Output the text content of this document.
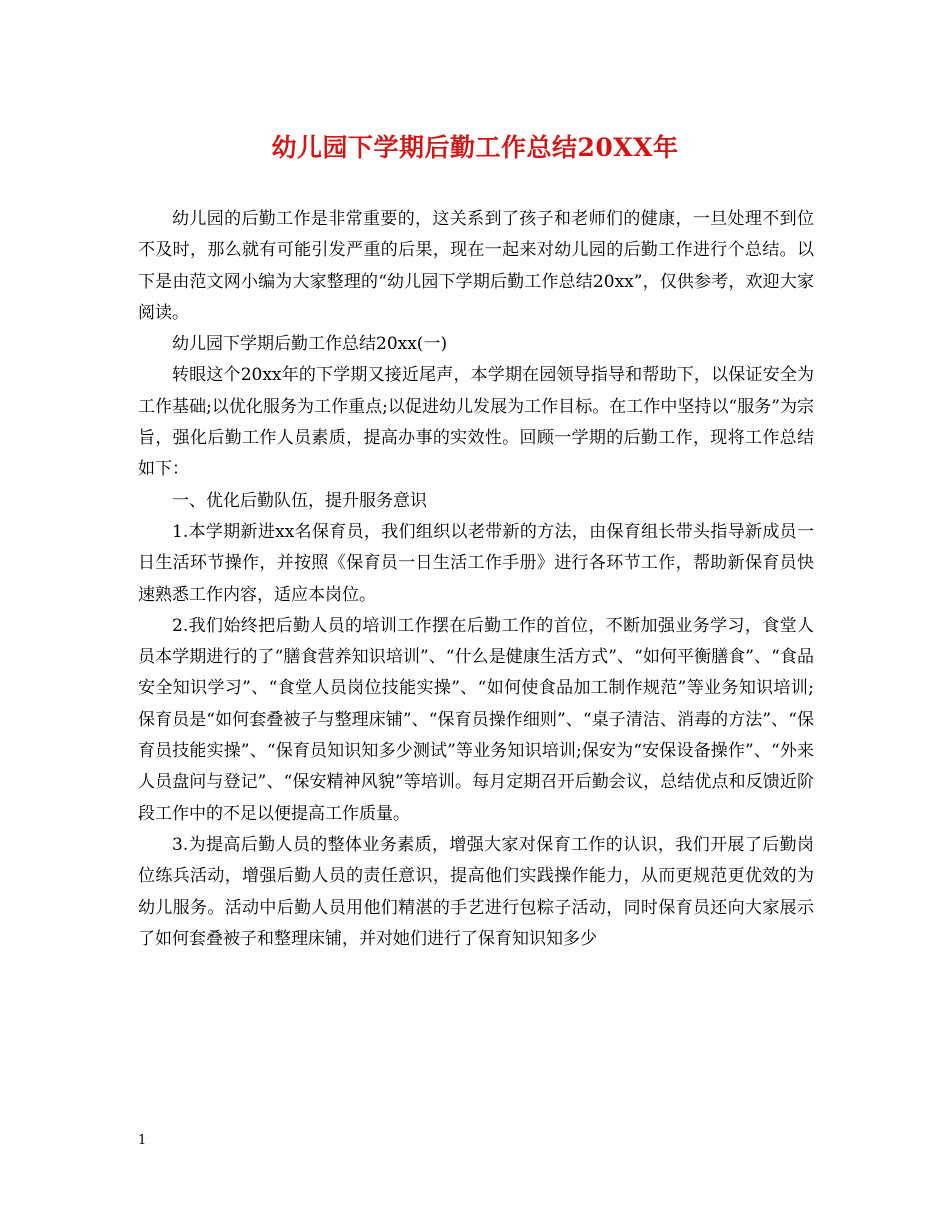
幼儿园下学期后勤工作总结20XX年

幼儿园的后勤工作是非常重要的，这关系到了孩子和老师们的健康，一旦处理不到位不及时，那么就有可能引发严重的后果，现在一起来对幼儿园的后勤工作进行个总结。以下是由范文网小编为大家整理的“幼儿园下学期后勤工作总结20xx”，仅供参考，欢迎大家阅读。

幼儿园下学期后勤工作总结20xx(一)

转眼这个20xx年的下学期又接近尾声，本学期在园领导指导和帮助下，以保证安全为工作基础;以优化服务为工作重点;以促进幼儿发展为工作目标。在工作中坚持以“服务”为宗旨，强化后勤工作人员素质，提高办事的实效性。回顾一学期的后勤工作，现将工作总结如下：

一、优化后勤队伍，提升服务意识

1.本学期新进xx名保育员，我们组织以老带新的方法，由保育组长带头指导新成员一日生活环节操作，并按照《保育员一日生活工作手册》进行各环节工作，帮助新保育员快速熟悉工作内容，适应本岗位。

2.我们始终把后勤人员的培训工作摆在后勤工作的首位，不断加强业务学习，食堂人员本学期进行的了“膳食营养知识培训”、“什么是健康生活方式”、“如何平衡膳食”、“食品安全知识学习”、“食堂人员岗位技能实操”、“如何使食品加工制作规范”等业务知识培训;保育员是“如何套叠被子与整理床铺”、“保育员操作细则”、“桌子清洁、消毒的方法”、“保育员技能实操”、“保育员知识知多少测试”等业务知识培训;保安为“安保设备操作”、“外来人员盘问与登记”、“保安精神风貌”等培训。每月定期召开后勤会议，总结优点和反馈近阶段工作中的不足以便提高工作质量。

3.为提高后勤人员的整体业务素质，增强大家对保育工作的认识，我们开展了后勤岗位练兵活动，增强后勤人员的责任意识，提高他们实践操作能力，从而更规范更优效的为幼儿服务。活动中后勤人员用他们精湛的手艺进行包粽子活动，同时保育员还向大家展示了如何套叠被子和整理床铺，并对她们进行了保育知识知多少

1
